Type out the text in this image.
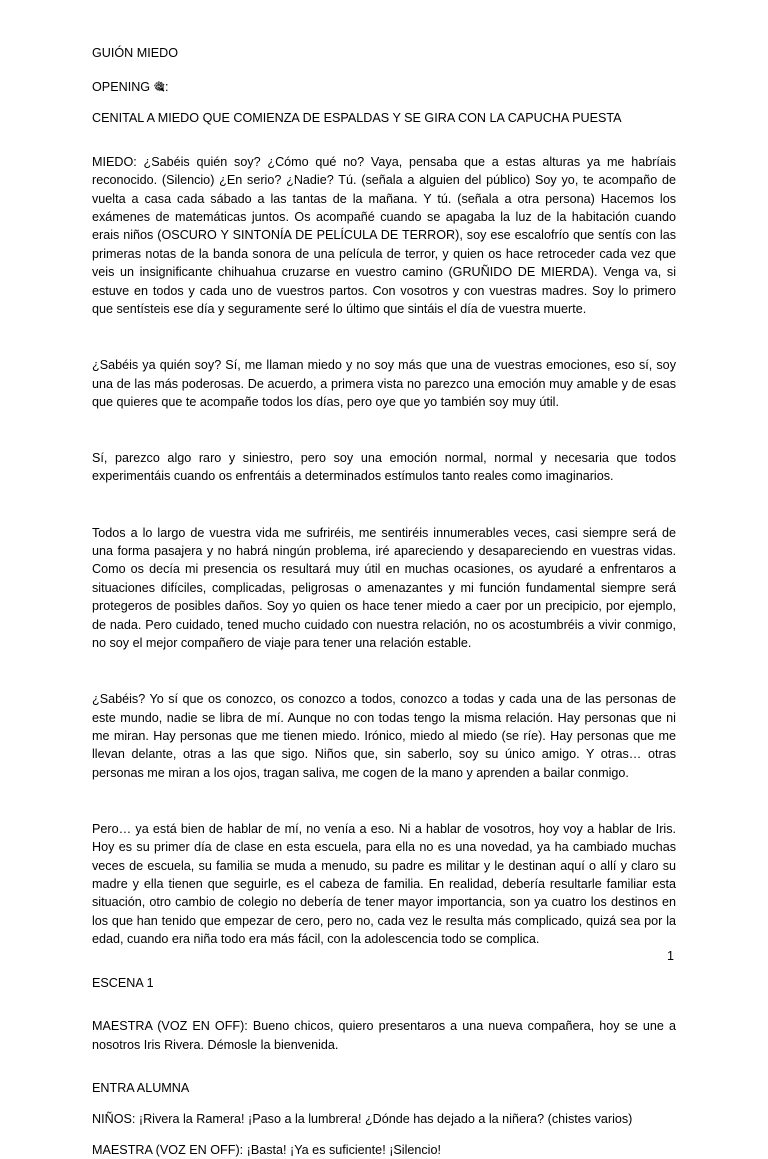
GUIÓN MIEDO

OPENING 🎕:

CENITAL A MIEDO QUE COMIENZA DE ESPALDAS Y SE GIRA CON LA CAPUCHA PUESTA

MIEDO: ¿Sabéis quién soy? ¿Cómo qué no? Vaya, pensaba que a estas alturas ya me habríais reconocido. (Silencio) ¿En serio? ¿Nadie? Tú. (señala a alguien del público) Soy yo, te acompaño de vuelta a casa cada sábado a las tantas de la mañana. Y tú. (señala a otra persona) Hacemos los exámenes de matemáticas juntos. Os acompañé cuando se apagaba la luz de la habitación cuando erais niños (OSCURO Y SINTONÍA DE PELÍCULA DE TERROR), soy ese escalofrío que sentís con las primeras notas de la banda sonora de una película de terror, y quien os hace retroceder cada vez que veis un insignificante chihuahua cruzarse en vuestro camino (GRUÑIDO DE MIERDA). Venga va, si estuve en todos y cada uno de vuestros partos. Con vosotros y con vuestras madres. Soy lo primero que sentísteis ese día y seguramente seré lo último que sintáis el día de vuestra muerte.

¿Sabéis ya quién soy? Sí, me llaman miedo y no soy más que una de vuestras emociones, eso sí, soy una de las más poderosas. De acuerdo, a primera vista no parezco una emoción muy amable y de esas que quieres que te acompañe todos los días, pero oye que yo también soy muy útil.

Sí, parezco algo raro y siniestro, pero soy una emoción normal, normal y necesaria que todos experimentáis cuando os enfrentáis a determinados estímulos tanto reales como imaginarios.

Todos a lo largo de vuestra vida me sufriréis, me sentiréis innumerables veces, casi siempre será de una forma pasajera y no habrá ningún problema, iré apareciendo y desapareciendo en vuestras vidas. Como os decía mi presencia os resultará muy útil en muchas ocasiones, os ayudaré a enfrentaros a situaciones difíciles, complicadas, peligrosas o amenazantes y mi función fundamental siempre será protegeros de posibles daños. Soy yo quien os hace tener miedo a caer por un precipicio, por ejemplo, de nada. Pero cuidado, tened mucho cuidado con nuestra relación, no os acostumbréis a vivir conmigo, no soy el mejor compañero de viaje para tener una relación estable.

¿Sabéis? Yo sí que os conozco, os conozco a todos, conozco a todas y cada una de las personas de este mundo, nadie se libra de mí. Aunque no con todas tengo la misma relación. Hay personas que ni me miran. Hay personas que me tienen miedo. Irónico, miedo al miedo (se ríe). Hay personas que me llevan delante, otras a las que sigo. Niños que, sin saberlo, soy su único amigo. Y otras… otras personas me miran a los ojos, tragan saliva, me cogen de la mano y aprenden a bailar conmigo.

Pero… ya está bien de hablar de mí, no venía a eso. Ni a hablar de vosotros, hoy voy a hablar de Iris. Hoy es su primer día de clase en esta escuela, para ella no es una novedad, ya ha cambiado muchas veces de escuela, su familia se muda a menudo, su padre es militar y le destinan aquí o allí y claro su madre y ella tienen que seguirle, es el cabeza de familia. En realidad, debería resultarle familiar esta situación, otro cambio de colegio no debería de tener mayor importancia, son ya cuatro los destinos en los que han tenido que empezar de cero, pero no, cada vez le resulta más complicado, quizá sea por la edad, cuando era niña todo era más fácil, con la adolescencia todo se complica.

ESCENA 1

MAESTRA (VOZ EN OFF): Bueno chicos, quiero presentaros a una nueva compañera, hoy se une a nosotros Iris Rivera. Démosle la bienvenida.

ENTRA ALUMNA

NIÑOS: ¡Rivera la Ramera! ¡Paso a la lumbrera! ¿Dónde has dejado a la niñera? (chistes varios)

MAESTRA (VOZ EN OFF): ¡Basta! ¡Ya es suficiente! ¡Silencio!

1
